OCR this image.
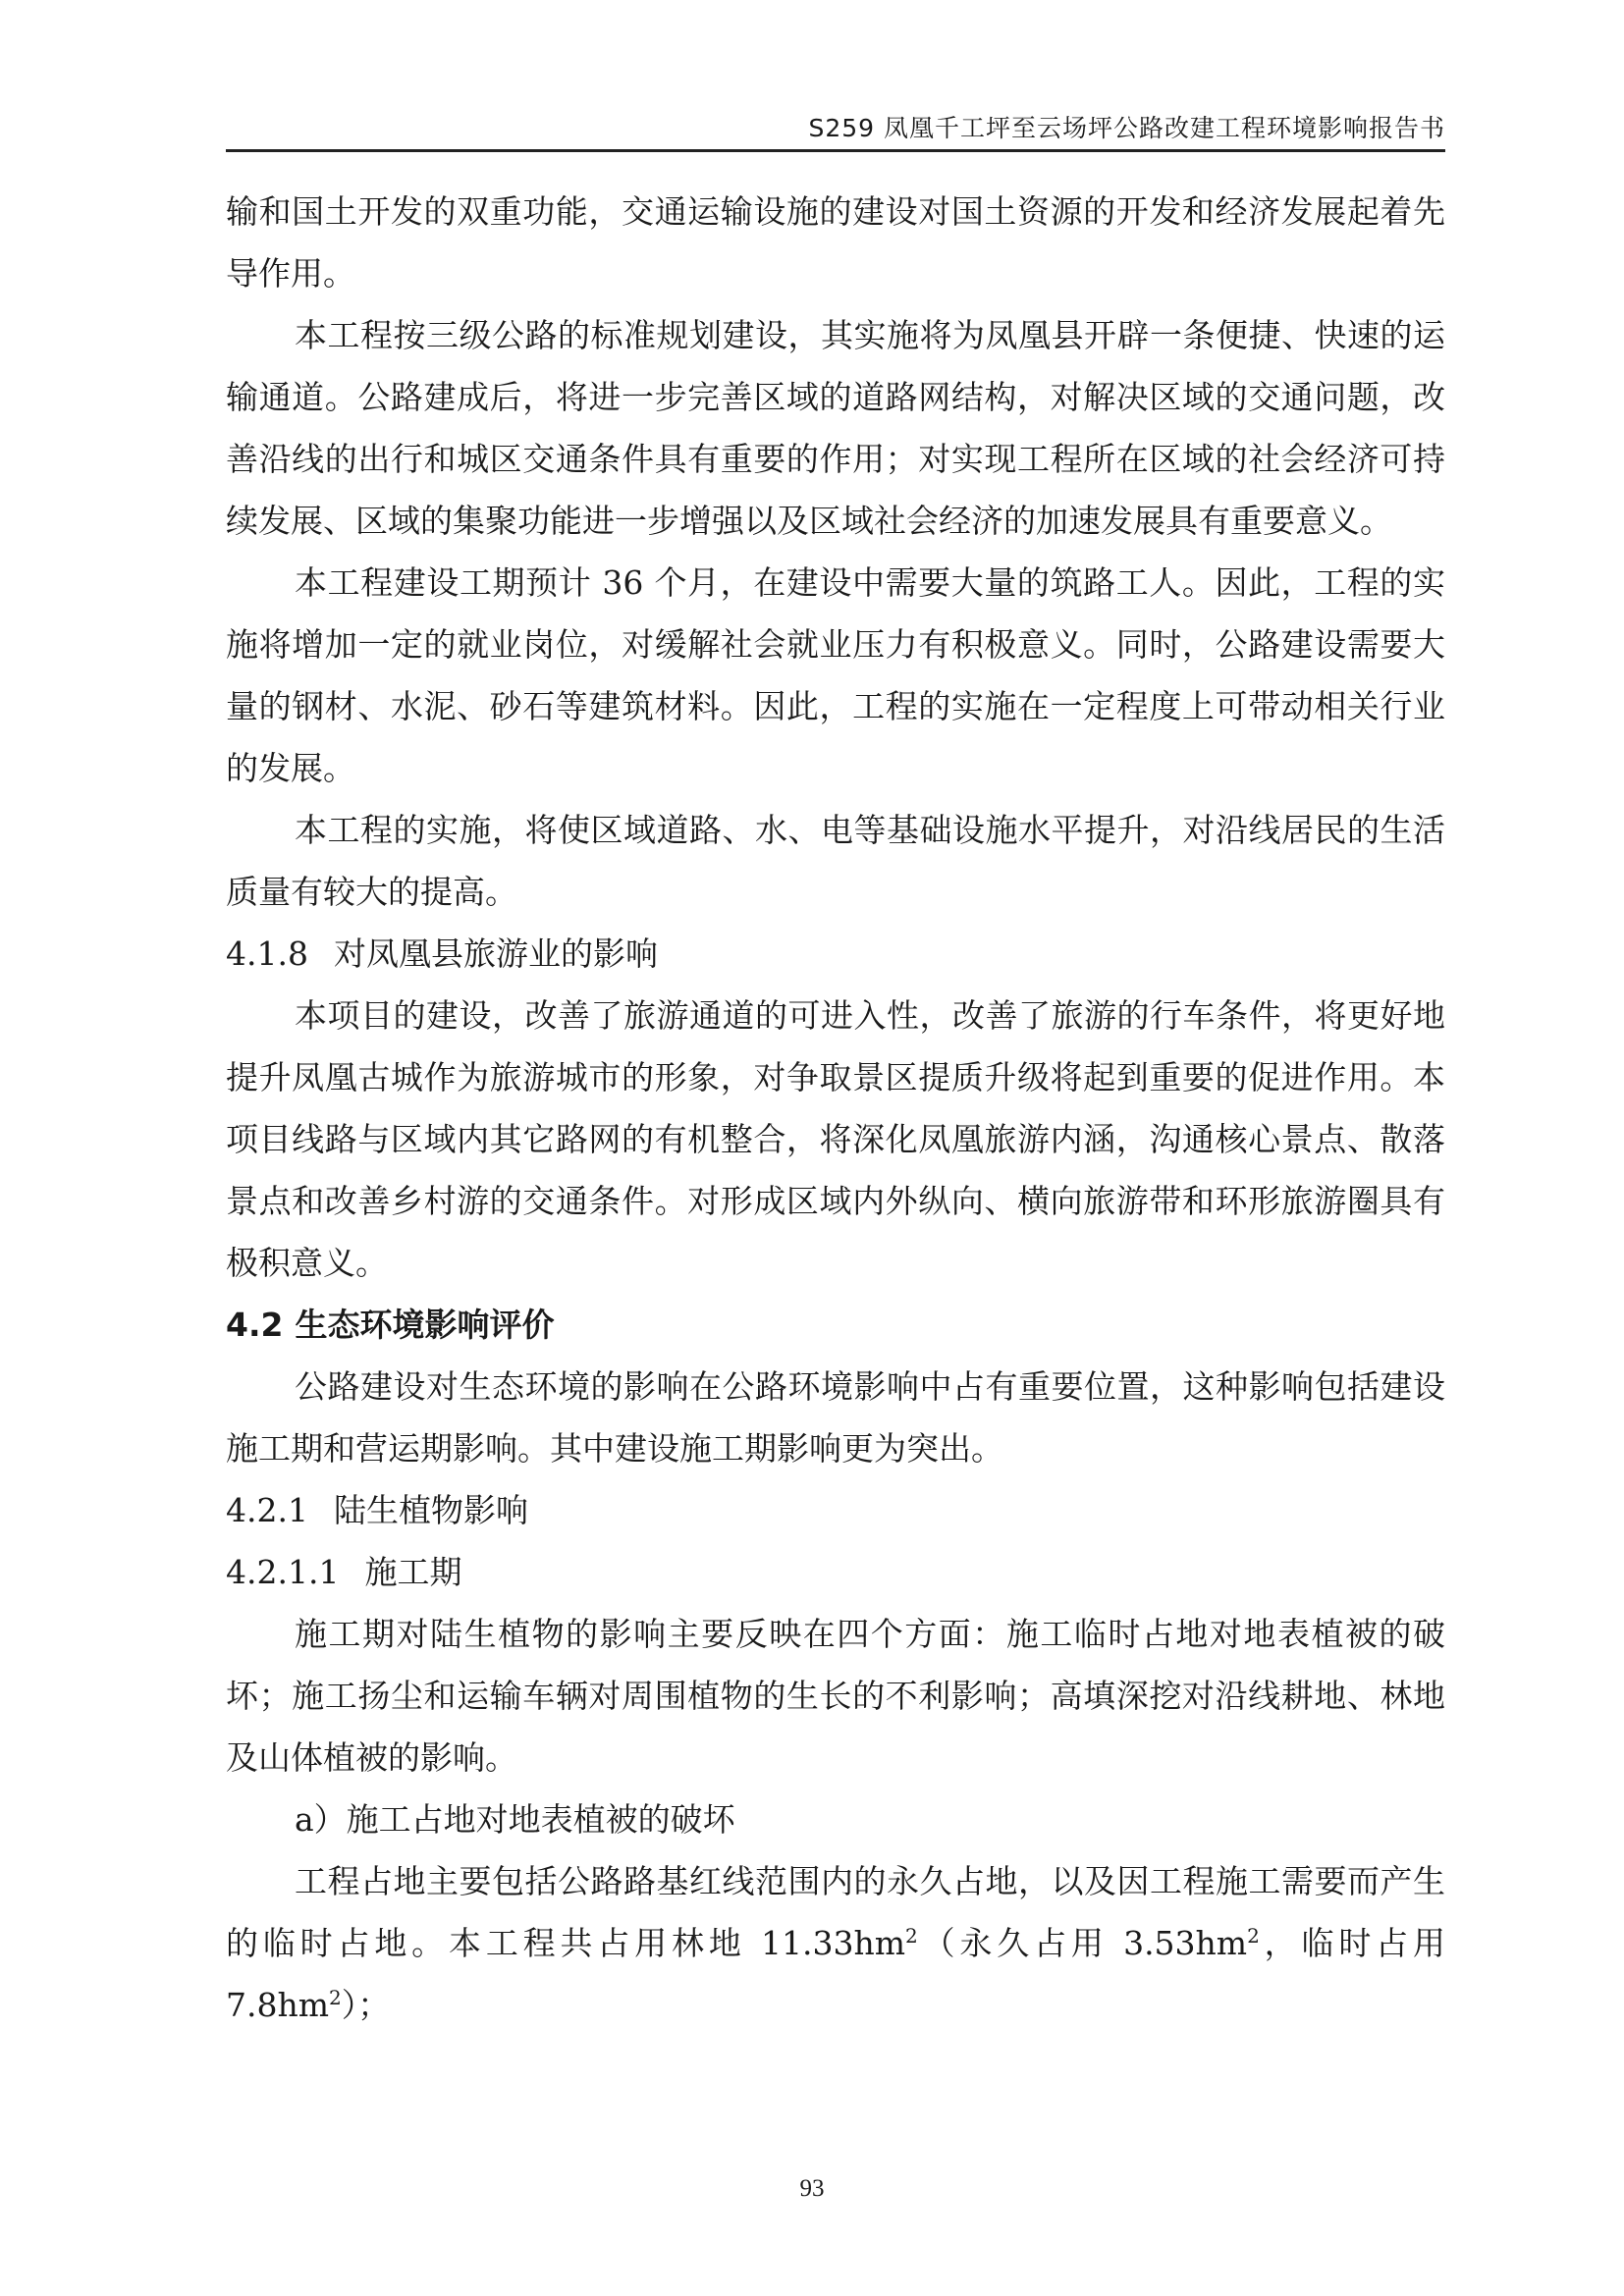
S259 凤凰千工坪至云场坪公路改建工程环境影响报告书

输和国土开发的双重功能，交通运输设施的建设对国土资源的开发和经济发展起着先导作用。

本工程按三级公路的标准规划建设，其实施将为凤凰县开辟一条便捷、快速的运输通道。公路建成后，将进一步完善区域的道路网结构，对解决区域的交通问题，改善沿线的出行和城区交通条件具有重要的作用；对实现工程所在区域的社会经济可持续发展、区域的集聚功能进一步增强以及区域社会经济的加速发展具有重要意义。

本工程建设工期预计 36 个月，在建设中需要大量的筑路工人。因此，工程的实施将增加一定的就业岗位，对缓解社会就业压力有积极意义。同时，公路建设需要大量的钢材、水泥、砂石等建筑材料。因此，工程的实施在一定程度上可带动相关行业的发展。

本工程的实施，将使区域道路、水、电等基础设施水平提升，对沿线居民的生活质量有较大的提高。

4.1.8 对凤凰县旅游业的影响

本项目的建设，改善了旅游通道的可进入性，改善了旅游的行车条件，将更好地提升凤凰古城作为旅游城市的形象，对争取景区提质升级将起到重要的促进作用。本项目线路与区域内其它路网的有机整合，将深化凤凰旅游内涵，沟通核心景点、散落景点和改善乡村游的交通条件。对形成区域内外纵向、横向旅游带和环形旅游圈具有极积意义。

4.2 生态环境影响评价

公路建设对生态环境的影响在公路环境影响中占有重要位置，这种影响包括建设施工期和营运期影响。其中建设施工期影响更为突出。

4.2.1 陆生植物影响

4.2.1.1 施工期

施工期对陆生植物的影响主要反映在四个方面：施工临时占地对地表植被的破坏；施工扬尘和运输车辆对周围植物的生长的不利影响；高填深挖对沿线耕地、林地及山体植被的影响。

a）施工占地对地表植被的破坏

工程占地主要包括公路路基红线范围内的永久占地，以及因工程施工需要而产生的临时占地。本工程共占用林地 $11.33hm^2$（永久占用 $3.53hm^2$，临时占用 $7.8hm^2$）；

93
